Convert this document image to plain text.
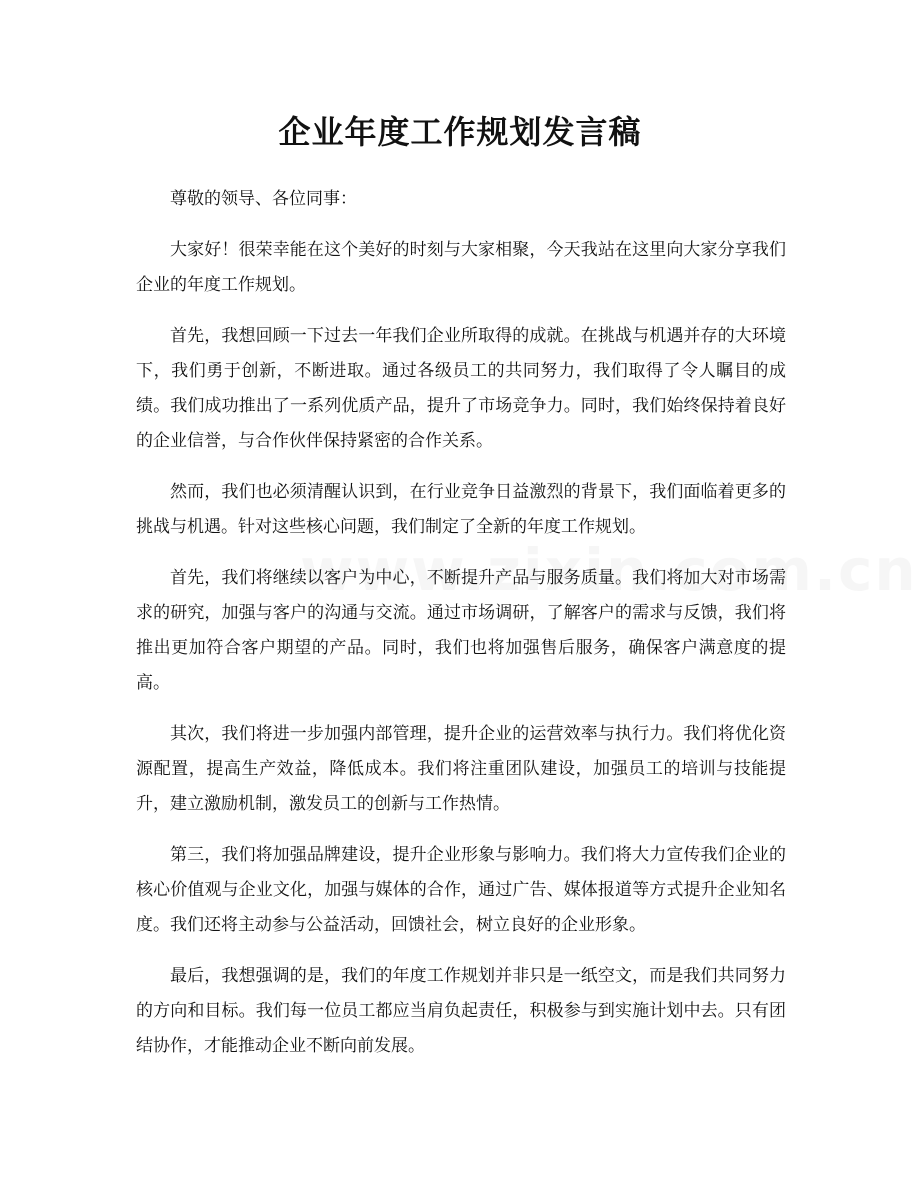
企业年度工作规划发言稿

尊敬的领导、各位同事：

大家好！很荣幸能在这个美好的时刻与大家相聚，今天我站在这里向大家分享我们企业的年度工作规划。

首先，我想回顾一下过去一年我们企业所取得的成就。在挑战与机遇并存的大环境下，我们勇于创新，不断进取。通过各级员工的共同努力，我们取得了令人瞩目的成绩。我们成功推出了一系列优质产品，提升了市场竞争力。同时，我们始终保持着良好的企业信誉，与合作伙伴保持紧密的合作关系。

然而，我们也必须清醒认识到，在行业竞争日益激烈的背景下，我们面临着更多的挑战与机遇。针对这些核心问题，我们制定了全新的年度工作规划。

首先，我们将继续以客户为中心，不断提升产品与服务质量。我们将加大对市场需求的研究，加强与客户的沟通与交流。通过市场调研，了解客户的需求与反馈，我们将推出更加符合客户期望的产品。同时，我们也将加强售后服务，确保客户满意度的提高。

其次，我们将进一步加强内部管理，提升企业的运营效率与执行力。我们将优化资源配置，提高生产效益，降低成本。我们将注重团队建设，加强员工的培训与技能提升，建立激励机制，激发员工的创新与工作热情。

第三，我们将加强品牌建设，提升企业形象与影响力。我们将大力宣传我们企业的核心价值观与企业文化，加强与媒体的合作，通过广告、媒体报道等方式提升企业知名度。我们还将主动参与公益活动，回馈社会，树立良好的企业形象。

最后，我想强调的是，我们的年度工作规划并非只是一纸空文，而是我们共同努力的方向和目标。我们每一位员工都应当肩负起责任，积极参与到实施计划中去。只有团结协作，才能推动企业不断向前发展。
